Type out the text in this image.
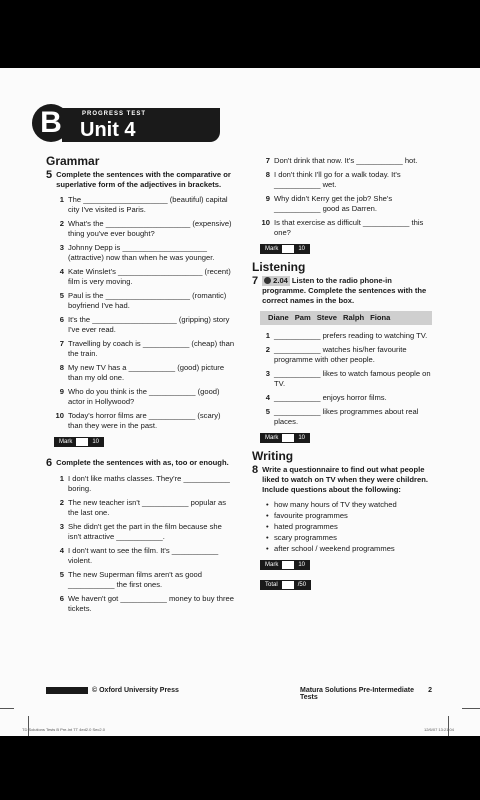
PROGRESS TEST
Unit 4
B
Grammar
5 Complete the sentences with the comparative or superlative form of the adjectives in brackets.
1 The ____________________ (beautiful) capital city I've visited is Paris.
2 What's the ____________________ (expensive) thing you've ever bought?
3 Johnny Depp is ____________________ (attractive) now than when he was younger.
4 Kate Winslet's ____________________ (recent) film is very moving.
5 Paul is the ____________________ (romantic) boyfriend I've had.
6 It's the ____________________ (gripping) story I've ever read.
7 Travelling by coach is ___________ (cheap) than the train.
8 My new TV has a ___________ (good) picture than my old one.
9 Who do you think is the ___________ (good) actor in Hollywood?
10 Today's horror films are ___________ (scary) than they were in the past.
Mark	10
6 Complete the sentences with as, too or enough.
1 I don't like maths classes. They're ___________ boring.
2 The new teacher isn't ___________ popular as the last one.
3 She didn't get the part in the film because she isn't attractive ___________.
4 I don't want to see the film. It's ___________ violent.
5 The new Superman films aren't as good ___________ the first ones.
6 We haven't got ___________ money to buy three tickets.
7 Don't drink that now. It's ___________ hot.
8 I don't think I'll go for a walk today. It's ___________ wet.
9 Why didn't Kerry get the job? She's ___________ good as Darren.
10 Is that exercise as difficult ___________ this one?
Mark	10
Listening
7	2.04 Listen to the radio phone-in programme. Complete the sentences with the correct names in the box.
Diane Pam Steve Ralph Fiona
1 ___________ prefers reading to watching TV.
2 ___________ watches his/her favourite programme with other people.
3 ___________ likes to watch famous people on TV.
4 ___________ enjoys horror films.
5 ___________ likes programmes about real places.
Mark	10
Writing
8 Write a questionnaire to find out what people liked to watch on TV when they were children. Include questions about the following:
• how many hours of TV they watched
• favourite programmes
• hated programmes
• scary programmes
• after school / weekend programmes
Mark	10

Total	/50
© Oxford University Press	Matura Solutions Pre-Intermediate Tests
2
TD Solutions Tests B Pre-Int TT 4ed2.0 Sec2.0	12/6/07 13:21:04
